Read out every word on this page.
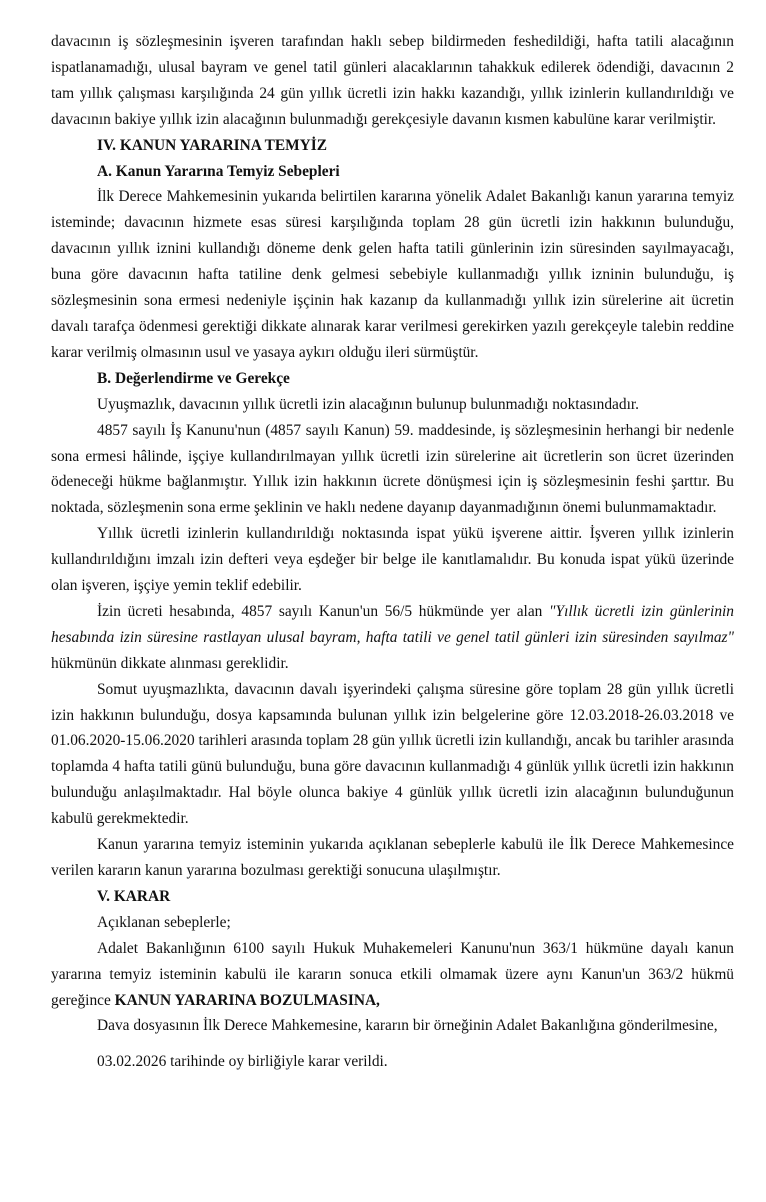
davacının iş sözleşmesinin işveren tarafından haklı sebep bildirmeden feshedildiği, hafta tatili alacağının ispatlanamadığı, ulusal bayram ve genel tatil günleri alacaklarının tahakkuk edilerek ödendiği, davacının 2 tam yıllık çalışması karşılığında 24 gün yıllık ücretli izin hakkı kazandığı, yıllık izinlerin kullandırıldığı ve davacının bakiye yıllık izin alacağının bulunmadığı gerekçesiyle davanın kısmen kabulüne karar verilmiştir.

IV. KANUN YARARINA TEMYİZ

A. Kanun Yararına Temyiz Sebepleri

İlk Derece Mahkemesinin yukarıda belirtilen kararına yönelik Adalet Bakanlığı kanun yararına temyiz isteminde; davacının hizmete esas süresi karşılığında toplam 28 gün ücretli izin hakkının bulunduğu, davacının yıllık iznini kullandığı döneme denk gelen hafta tatili günlerinin izin süresinden sayılmayacağı, buna göre davacının hafta tatiline denk gelmesi sebebiyle kullanmadığı yıllık izninin bulunduğu, iş sözleşmesinin sona ermesi nedeniyle işçinin hak kazanıp da kullanmadığı yıllık izin sürelerine ait ücretin davalı tarafça ödenmesi gerektiği dikkate alınarak karar verilmesi gerekirken yazılı gerekçeyle talebin reddine karar verilmiş olmasının usul ve yasaya aykırı olduğu ileri sürmüştür.

B. Değerlendirme ve Gerekçe

Uyuşmazlık, davacının yıllık ücretli izin alacağının bulunup bulunmadığı noktasındadır.

4857 sayılı İş Kanunu'nun (4857 sayılı Kanun) 59. maddesinde, iş sözleşmesinin herhangi bir nedenle sona ermesi hâlinde, işçiye kullandırılmayan yıllık ücretli izin sürelerine ait ücretlerin son ücret üzerinden ödeneceği hükme bağlanmıştır. Yıllık izin hakkının ücrete dönüşmesi için iş sözleşmesinin feshi şarttır. Bu noktada, sözleşmenin sona erme şeklinin ve haklı nedene dayanıp dayanmadığının önemi bulunmamaktadır.

Yıllık ücretli izinlerin kullandırıldığı noktasında ispat yükü işverene aittir. İşveren yıllık izinlerin kullandırıldığını imzalı izin defteri veya eşdeğer bir belge ile kanıtlamalıdır. Bu konuda ispat yükü üzerinde olan işveren, işçiye yemin teklif edebilir.

İzin ücreti hesabında, 4857 sayılı Kanun'un 56/5 hükmünde yer alan "Yıllık ücretli izin günlerinin hesabında izin süresine rastlayan ulusal bayram, hafta tatili ve genel tatil günleri izin süresinden sayılmaz" hükmünün dikkate alınması gereklidir.

Somut uyuşmazlıkta, davacının davalı işyerindeki çalışma süresine göre toplam 28 gün yıllık ücretli izin hakkının bulunduğu, dosya kapsamında bulunan yıllık izin belgelerine göre 12.03.2018-26.03.2018 ve 01.06.2020-15.06.2020 tarihleri arasında toplam 28 gün yıllık ücretli izin kullandığı, ancak bu tarihler arasında toplamda 4 hafta tatili günü bulunduğu, buna göre davacının kullanmadığı 4 günlük yıllık ücretli izin hakkının bulunduğu anlaşılmaktadır. Hal böyle olunca bakiye 4 günlük yıllık ücretli izin alacağının bulunduğunun kabulü gerekmektedir.

Kanun yararına temyiz isteminin yukarıda açıklanan sebeplerle kabulü ile İlk Derece Mahkemesince verilen kararın kanun yararına bozulması gerektiği sonucuna ulaşılmıştır.

V. KARAR

Açıklanan sebeplerle;

Adalet Bakanlığının 6100 sayılı Hukuk Muhakemeleri Kanunu'nun 363/1 hükmüne dayalı kanun yararına temyiz isteminin kabulü ile kararın sonuca etkili olmamak üzere aynı Kanun'un 363/2 hükmü gereğince KANUN YARARINA BOZULMASINA,

Dava dosyasının İlk Derece Mahkemesine, kararın bir örneğinin Adalet Bakanlığına gönderilmesine,

03.02.2026 tarihinde oy birliğiyle karar verildi.
